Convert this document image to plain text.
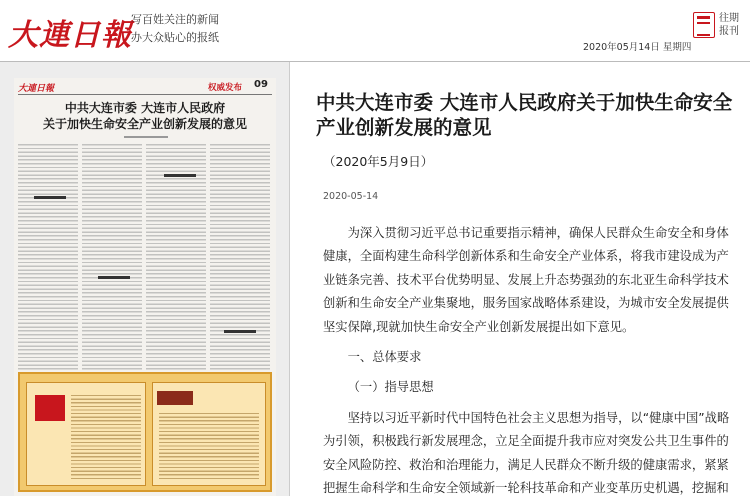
大連日報 写百姓关注的新闻
办大众贴心的报纸
2020年05月14日 星期四
往期报刊
大連日報	权威发布 09
中共大连市委 大连市人民政府
关于加快生命安全产业创新发展的意见
中共大连市委 大连市人民政府关于加快生命安全产业创新发展的意见
（2020年5月9日）
2020-05-14

为深入贯彻习近平总书记重要指示精神，确保人民群众生命安全和身体健康，全面构建生命科学创新体系和生命安全产业体系，将我市建设成为产业链条完善、技术平台优势明显、发展上升态势强劲的东北亚生命科学技术创新和生命安全产业集聚地，服务国家战略体系建设，为城市安全发展提供坚实保障,现就加快生命安全产业创新发展提出如下意见。

一、总体要求

（一）指导思想

坚持以习近平新时代中国特色社会主义思想为指导，以“健康中国”战略为引领，积极践行新发展理念，立足全面提升我市应对突发公共卫生事件的安全风险防控、救治和治理能力，满足人民群众不断升级的健康需求，紧紧把握生命科学和生命安全领域新一轮科技革命和产业变革历史机遇，挖掘和
